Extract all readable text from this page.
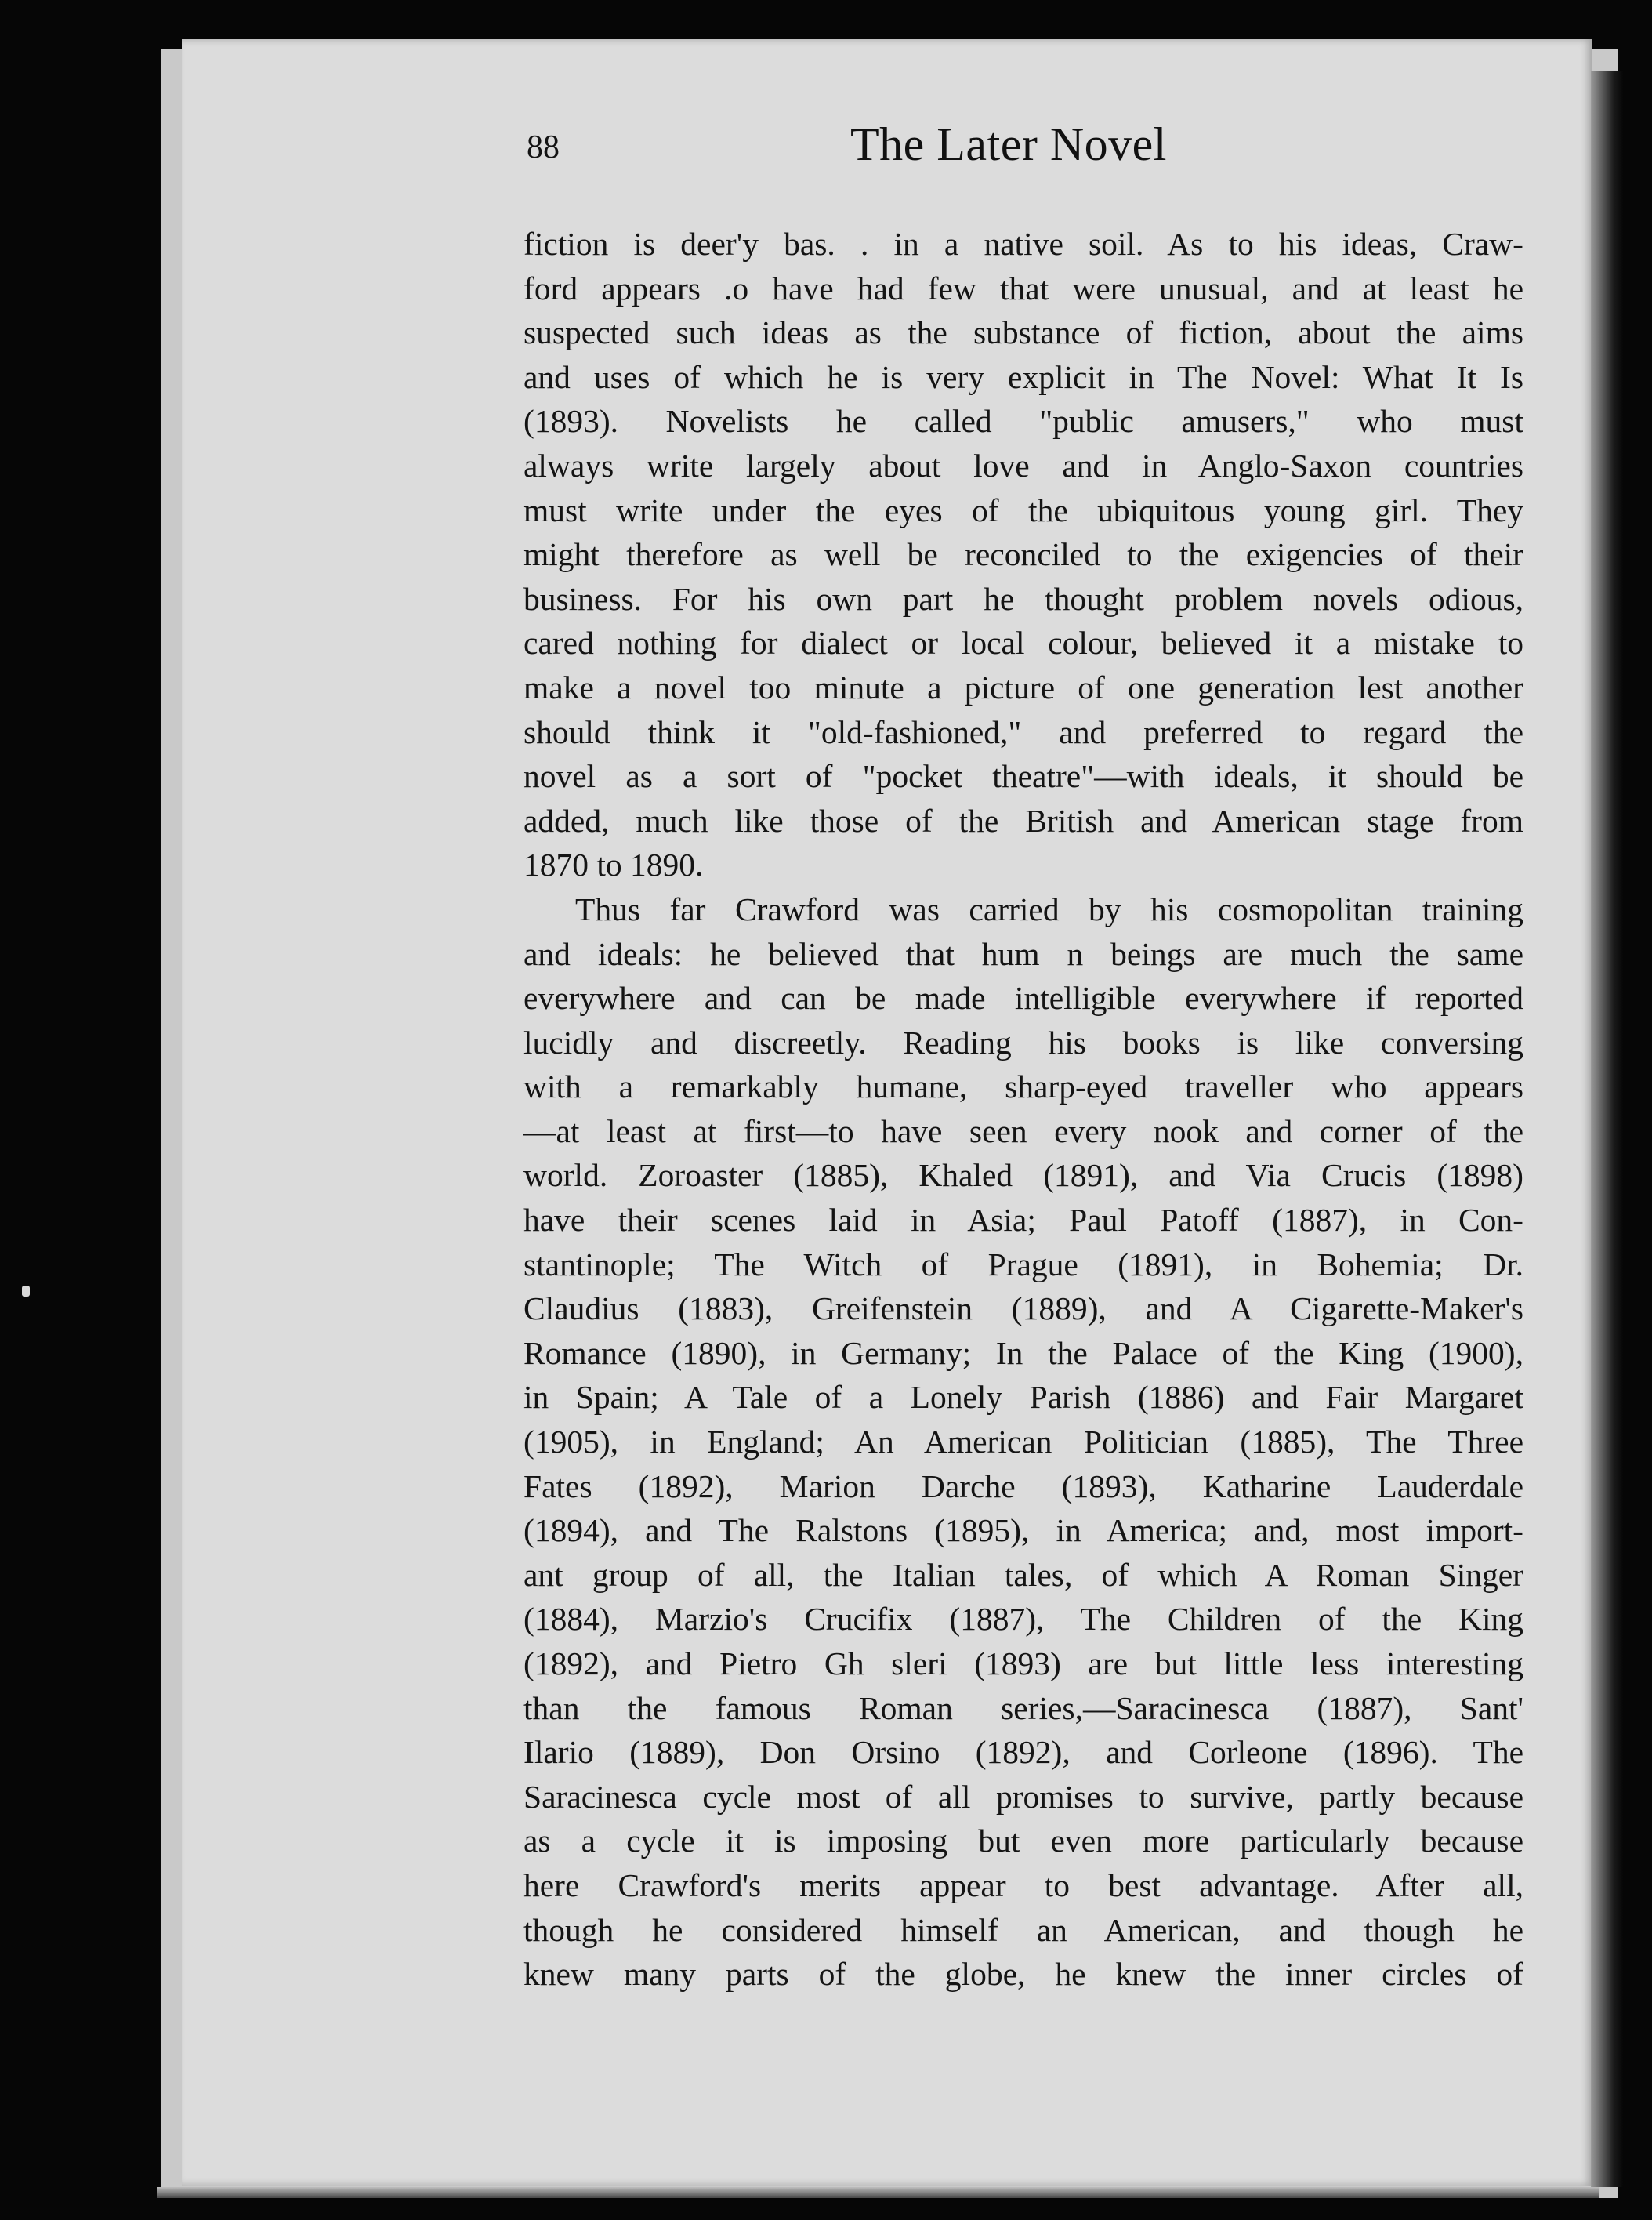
88	The Later Novel
fiction is deer'y bas. . in a native soil. As to his ideas, Craw-
ford appears .o have had few that were unusual, and at least he
suspected such ideas as the substance of fiction, about the aims
and uses of which he is very explicit in The Novel: What It Is
(1893). Novelists he called "public amusers," who must
always write largely about love and in Anglo-Saxon countries
must write under the eyes of the ubiquitous young girl. They
might therefore as well be reconciled to the exigencies of their
business. For his own part he thought problem novels odious,
cared nothing for dialect or local colour, believed it a mistake to
make a novel too minute a picture of one generation lest another
should think it "old-fashioned," and preferred to regard the
novel as a sort of "pocket theatre"—with ideals, it should be
added, much like those of the British and American stage from
1870 to 1890.
Thus far Crawford was carried by his cosmopolitan training
and ideals: he believed that hum n beings are much the same
everywhere and can be made intelligible everywhere if reported
lucidly and discreetly. Reading his books is like conversing
with a remarkably humane, sharp-eyed traveller who appears
—at least at first—to have seen every nook and corner of the
world. Zoroaster (1885), Khaled (1891), and Via Crucis (1898)
have their scenes laid in Asia; Paul Patoff (1887), in Con-
stantinople; The Witch of Prague (1891), in Bohemia; Dr.
Claudius (1883), Greifenstein (1889), and A Cigarette-Maker's
Romance (1890), in Germany; In the Palace of the King (1900),
in Spain; A Tale of a Lonely Parish (1886) and Fair Margaret
(1905), in England; An American Politician (1885), The Three
Fates (1892), Marion Darche (1893), Katharine Lauderdale
(1894), and The Ralstons (1895), in America; and, most import-
ant group of all, the Italian tales, of which A Roman Singer
(1884), Marzio's Crucifix (1887), The Children of the King
(1892), and Pietro Gh sleri (1893) are but little less interesting
than the famous Roman series,—Saracinesca (1887), Sant'
Ilario (1889), Don Orsino (1892), and Corleone (1896). The
Saracinesca cycle most of all promises to survive, partly because
as a cycle it is imposing but even more particularly because
here Crawford's merits appear to best advantage. After all,
though he considered himself an American, and though he
knew many parts of the globe, he knew the inner circles of
